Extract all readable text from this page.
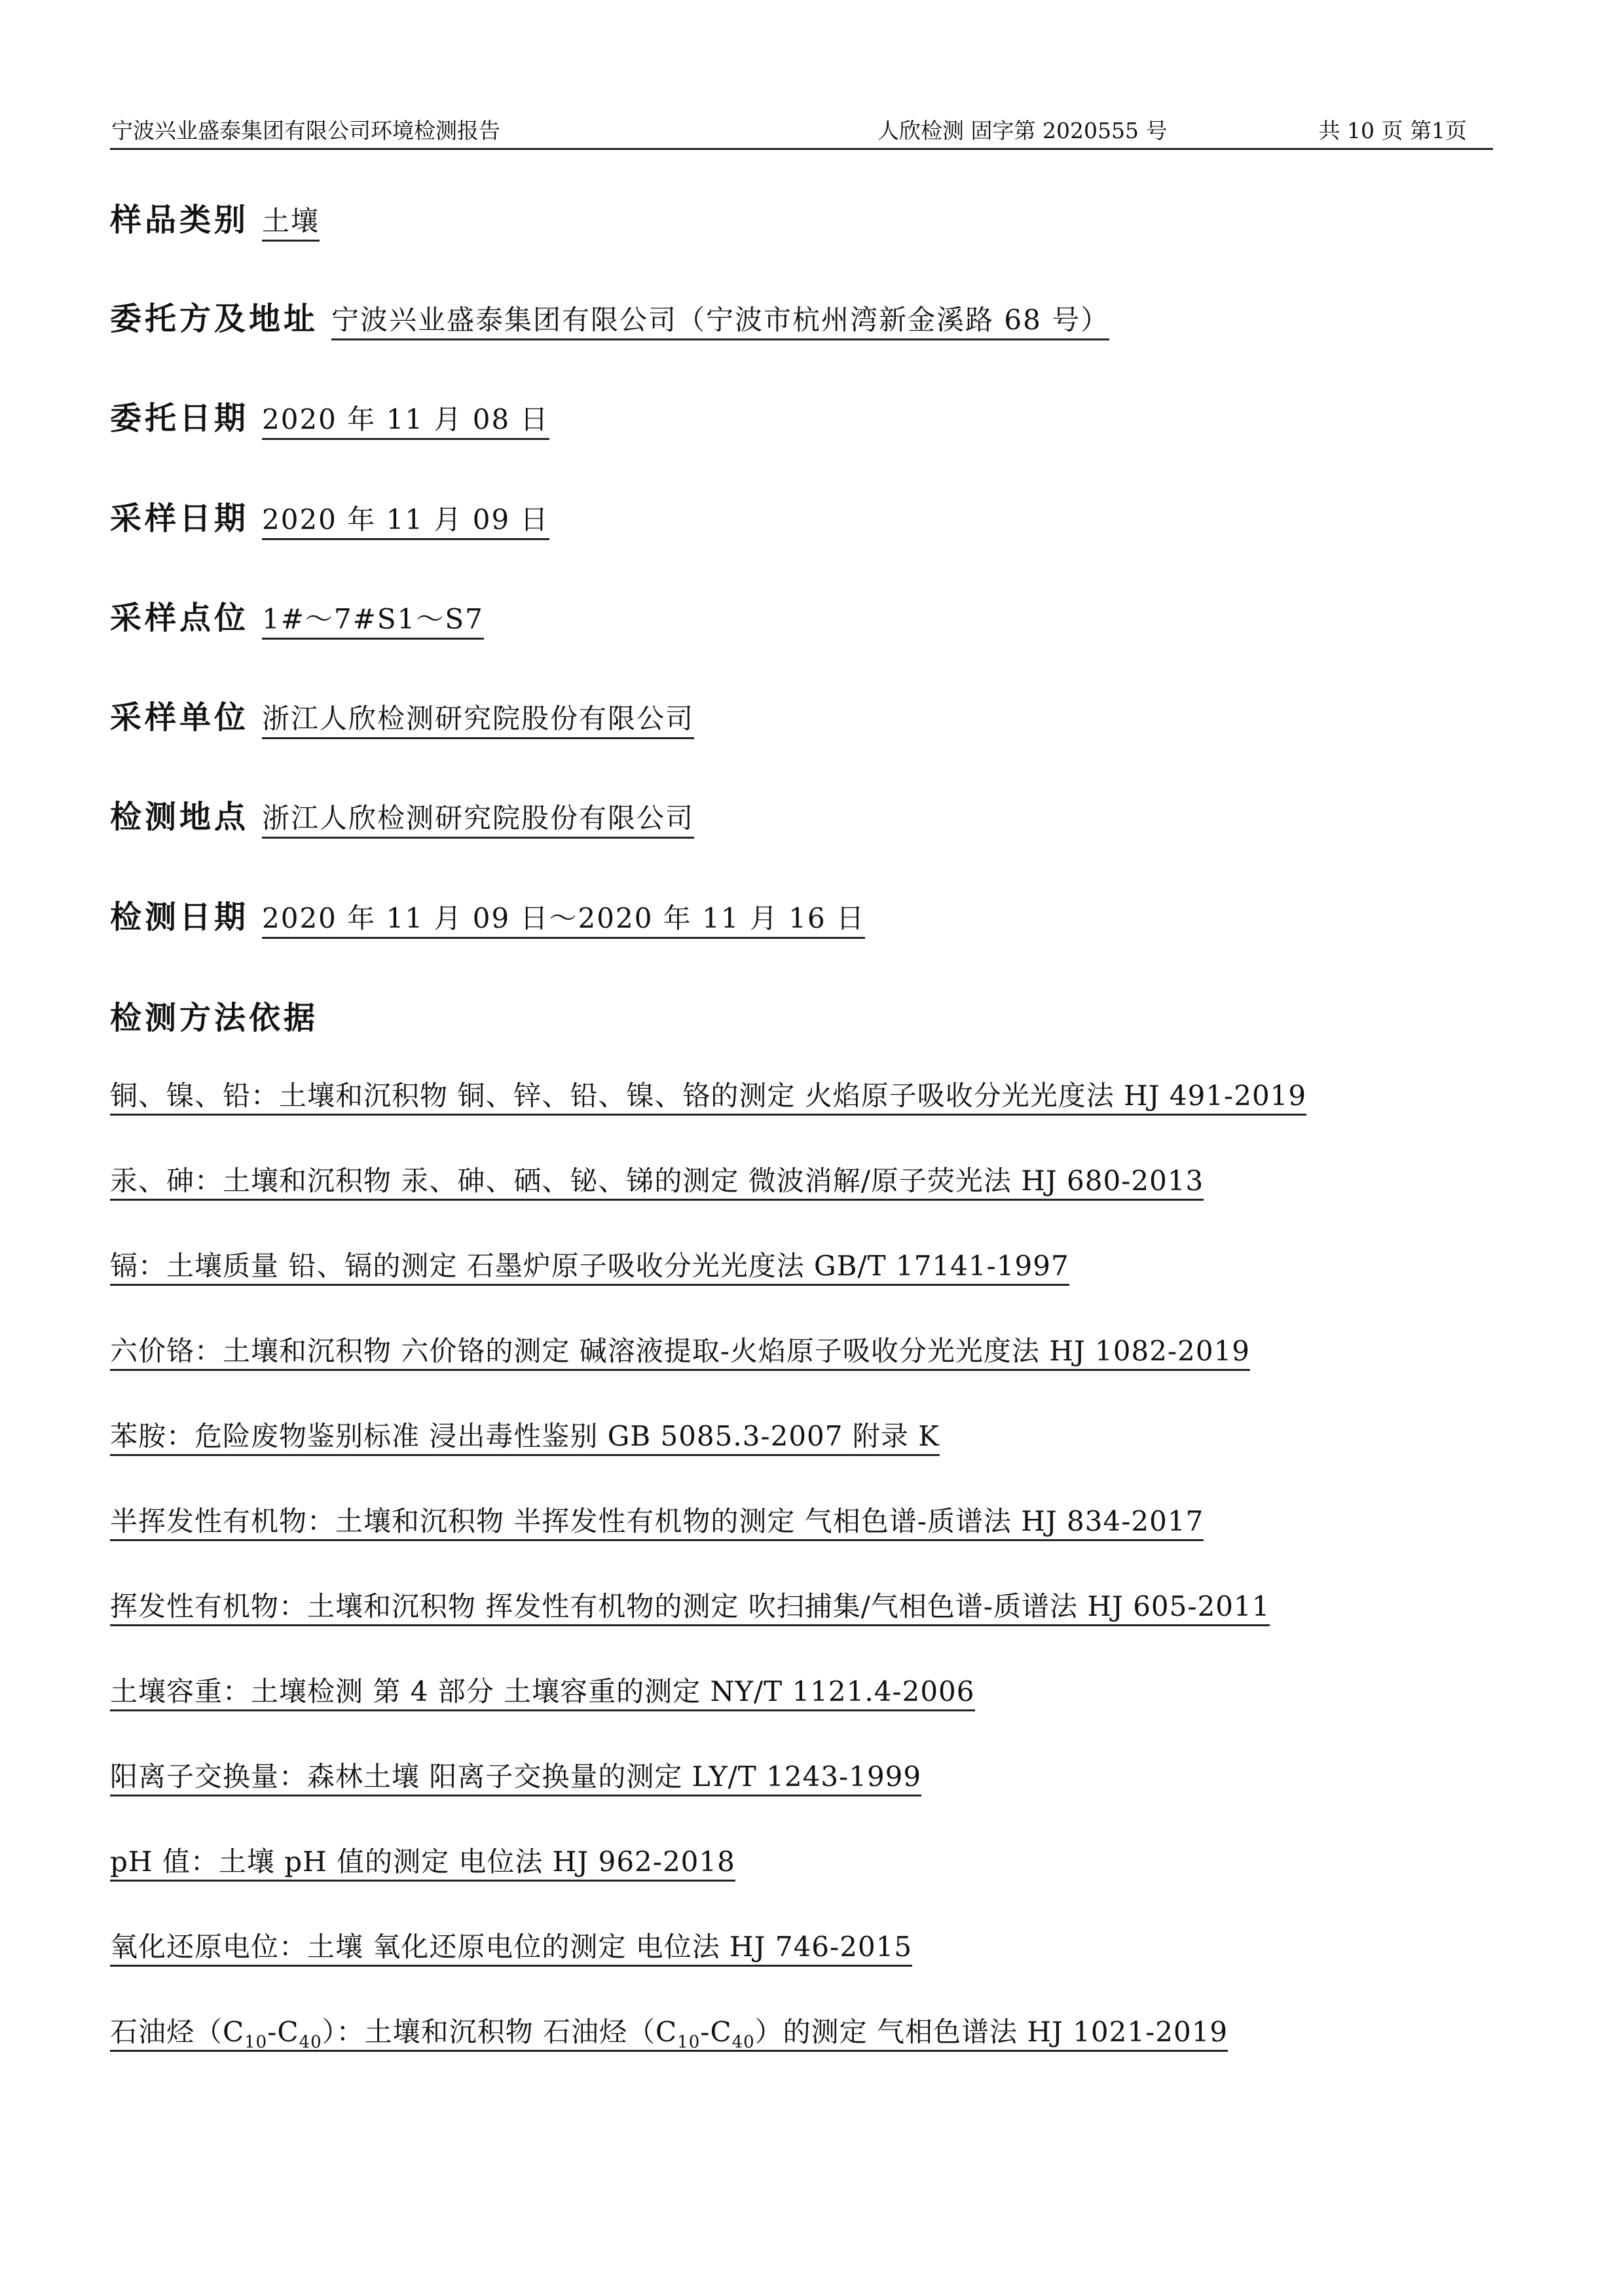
宁波兴业盛泰集团有限公司环境检测报告	人欣检测 固字第 2020555 号	共 10 页 第1页
样品类别 土壤
委托方及地址 宁波兴业盛泰集团有限公司（宁波市杭州湾新金溪路 68 号）
委托日期 2020 年 11 月 08 日
采样日期 2020 年 11 月 09 日
采样点位 1#～7#S1～S7
采样单位 浙江人欣检测研究院股份有限公司
检测地点 浙江人欣检测研究院股份有限公司
检测日期 2020 年 11 月 09 日～2020 年 11 月 16 日
检测方法依据
铜、镍、铅：土壤和沉积物 铜、锌、铅、镍、铬的测定 火焰原子吸收分光光度法 HJ 491-2019
汞、砷：土壤和沉积物 汞、砷、硒、铋、锑的测定 微波消解/原子荧光法 HJ 680-2013
镉：土壤质量 铅、镉的测定 石墨炉原子吸收分光光度法 GB/T 17141-1997
六价铬：土壤和沉积物 六价铬的测定 碱溶液提取-火焰原子吸收分光光度法 HJ 1082-2019
苯胺：危险废物鉴别标准 浸出毒性鉴别 GB 5085.3-2007 附录 K
半挥发性有机物：土壤和沉积物 半挥发性有机物的测定 气相色谱-质谱法 HJ 834-2017
挥发性有机物：土壤和沉积物 挥发性有机物的测定 吹扫捕集/气相色谱-质谱法 HJ 605-2011
土壤容重：土壤检测 第 4 部分 土壤容重的测定 NY/T 1121.4-2006
阳离子交换量：森林土壤 阳离子交换量的测定 LY/T 1243-1999
pH 值：土壤 pH 值的测定 电位法 HJ 962-2018
氧化还原电位：土壤 氧化还原电位的测定 电位法 HJ 746-2015
石油烃$(C_{10}-C_{40})$：土壤和沉积物 石油烃$(C_{10}-C_{40})$的测定 气相色谱法 HJ 1021-2019
